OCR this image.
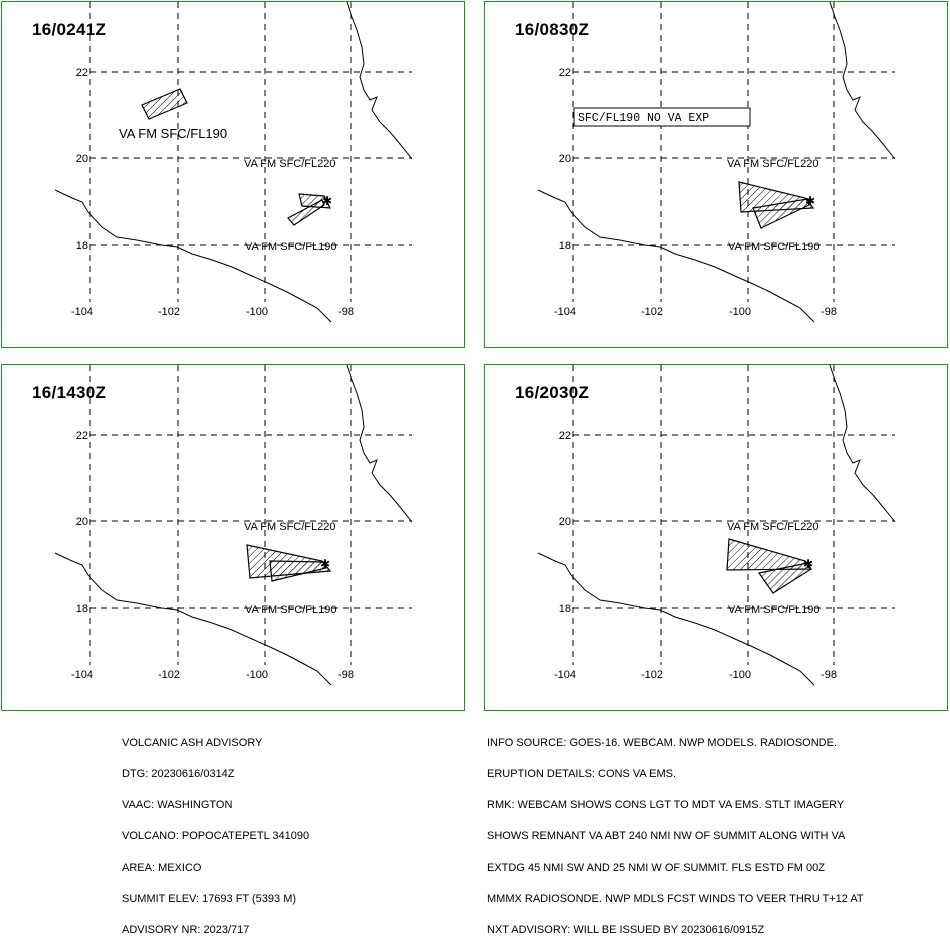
✱
22
20
18
-104	-102	-100	-98
VA FM SFC/FL190
VA FM SFC/FL220
VA FM SFC/FL190
16/0241Z
✱
SFC/FL190 NO VA EXP
22
20
18
-104	-102	-100	-98
VA FM SFC/FL220
VA FM SFC/FL190
16/0830Z
✱
22
20
18
-104	-102	-100	-98
VA FM SFC/FL220
VA FM SFC/FL190
16/1430Z
✱
22
20
18
-104	-102	-100	-98
VA FM SFC/FL220
VA FM SFC/FL190
16/2030Z

VOLCANIC ASH ADVISORY

DTG: 20230616/0314Z

VAAC: WASHINGTON

VOLCANO: POPOCATEPETL 341090

AREA: MEXICO

SUMMIT ELEV: 17693 FT (5393 M)

ADVISORY NR: 2023/717

INFO SOURCE: GOES-16. WEBCAM. NWP MODELS. RADIOSONDE.

ERUPTION DETAILS: CONS VA EMS.

RMK: WEBCAM SHOWS CONS LGT TO MDT VA EMS. STLT IMAGERY

SHOWS REMNANT VA ABT 240 NMI NW OF SUMMIT ALONG WITH VA

EXTDG 45 NMI SW AND 25 NMI W OF SUMMIT. FLS ESTD FM 00Z

MMMX RADIOSONDE. NWP MDLS FCST WINDS TO VEER THRU T+12 AT

NXT ADVISORY: WILL BE ISSUED BY 20230616/0915Z
